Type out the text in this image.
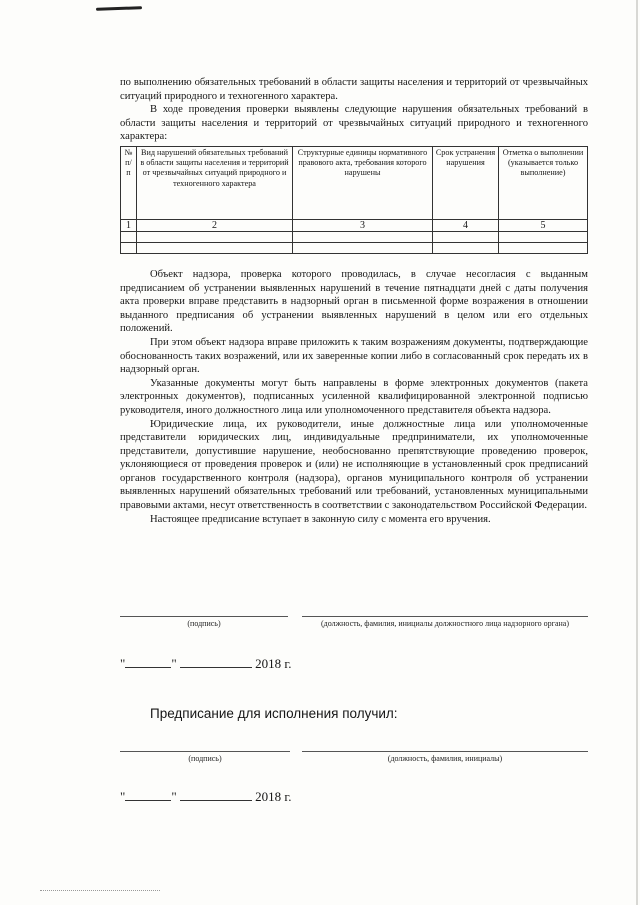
по выполнению обязательных требований в области защиты населения и территорий от чрезвычайных ситуаций природного и техногенного характера.

В ходе проведения проверки выявлены следующие нарушения обязательных требований в области защиты населения и территорий от чрезвычайных ситуаций природного и техногенного характера:

№ п/п	Вид нарушений обязательных требований в области защиты населения и территорий от чрезвычайных ситуаций природного и техногенного характера	Структурные единицы нормативного правового акта, требования которого нарушены	Срок устранения нарушения	Отметка о выполнении (указывается только выполнение)
1	2	3	4	5

Объект надзора, проверка которого проводилась, в случае несогласия с выданным предписанием об устранении выявленных нарушений в течение пятнадцати дней с даты получения акта проверки вправе представить в надзорный орган в письменной форме возражения в отношении выданного предписания об устранении выявленных нарушений в целом или его отдельных положений.

При этом объект надзора вправе приложить к таким возражениям документы, подтверждающие обоснованность таких возражений, или их заверенные копии либо в согласованный срок передать их в надзорный орган.

Указанные документы могут быть направлены в форме электронных документов (пакета электронных документов), подписанных усиленной квалифицированной электронной подписью руководителя, иного должностного лица или уполномоченного представителя объекта надзора.

Юридические лица, их руководители, иные должностные лица или уполномоченные представители юридических лиц, индивидуальные предприниматели, их уполномоченные представители, допустившие нарушение, необоснованно препятствующие проведению проверок, уклоняющиеся от проведения проверок и (или) не исполняющие в установленный срок предписаний органов государственного контроля (надзора), органов муниципального контроля об устранении выявленных нарушений обязательных требований или требований, установленных муниципальными правовыми актами, несут ответственность в соответствии с законодательством Российской Федерации.

Настоящее предписание вступает в законную силу с момента его вручения.

(подпись)	(должность, фамилия, инициалы должностного лица надзорного органа)
"	"	2018 г.
Предписание для исполнения получил:
(подпись)	(должность, фамилия, инициалы)
"	"	2018 г.
